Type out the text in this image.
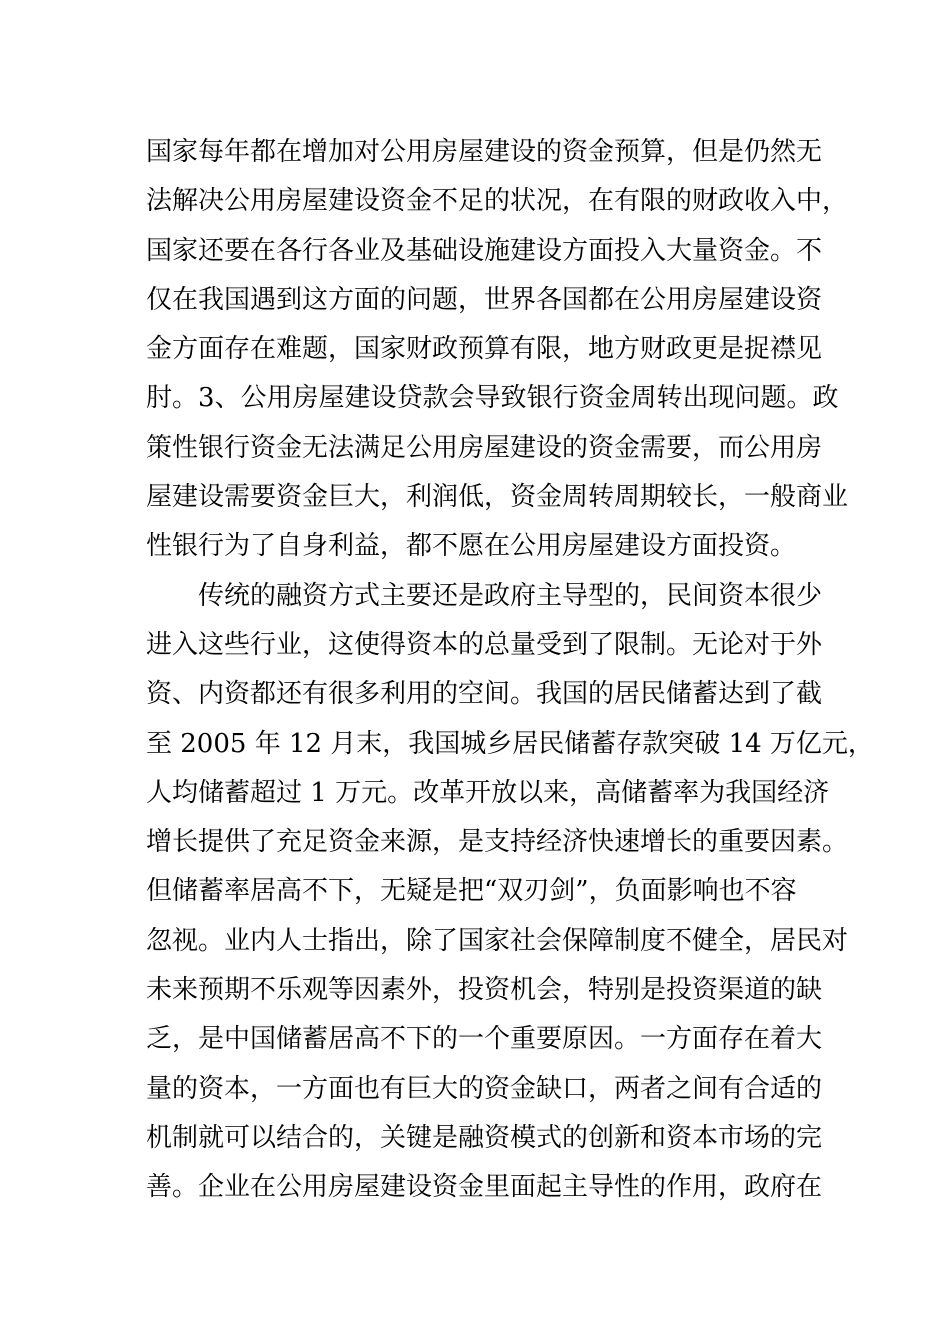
国家每年都在增加对公用房屋建设的资金预算，但是仍然无
法解决公用房屋建设资金不足的状况，在有限的财政收入中，
国家还要在各行各业及基础设施建设方面投入大量资金。不
仅在我国遇到这方面的问题，世界各国都在公用房屋建设资
金方面存在难题，国家财政预算有限，地方财政更是捉襟见
肘。3、公用房屋建设贷款会导致银行资金周转出现问题。政
策性银行资金无法满足公用房屋建设的资金需要，而公用房
屋建设需要资金巨大，利润低，资金周转周期较长，一般商业
性银行为了自身利益，都不愿在公用房屋建设方面投资。
传统的融资方式主要还是政府主导型的，民间资本很少
进入这些行业，这使得资本的总量受到了限制。无论对于外
资、内资都还有很多利用的空间。我国的居民储蓄达到了截
至 2005 年 12 月末，我国城乡居民储蓄存款突破 14 万亿元，
人均储蓄超过 1 万元。改革开放以来，高储蓄率为我国经济
增长提供了充足资金来源，是支持经济快速增长的重要因素。
但储蓄率居高不下，无疑是把“双刃剑”，负面影响也不容
忽视。业内人士指出，除了国家社会保障制度不健全，居民对
未来预期不乐观等因素外，投资机会，特别是投资渠道的缺
乏，是中国储蓄居高不下的一个重要原因。一方面存在着大
量的资本，一方面也有巨大的资金缺口，两者之间有合适的
机制就可以结合的，关键是融资模式的创新和资本市场的完
善。企业在公用房屋建设资金里面起主导性的作用，政府在
